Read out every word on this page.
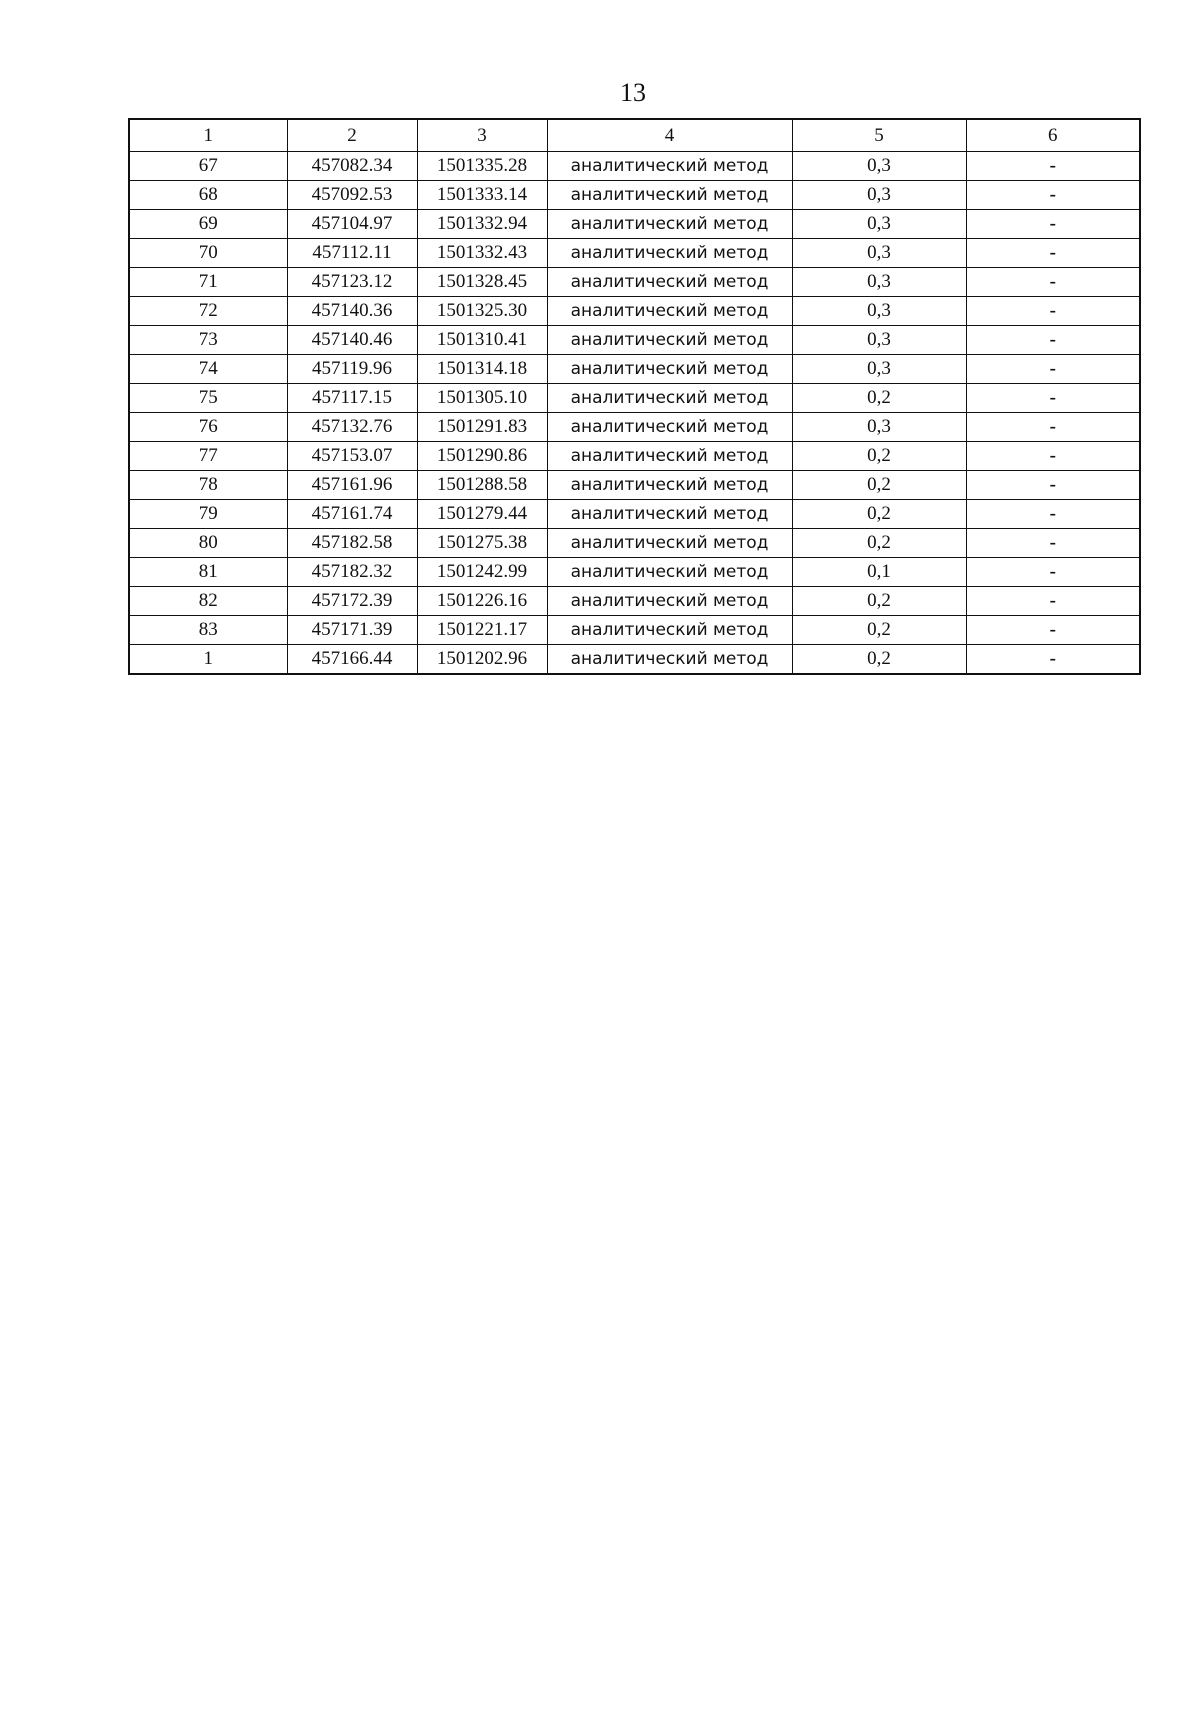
13
1	2	3	4	5	6
67	457082.34	1501335.28	аналитический метод	0,3	-
68	457092.53	1501333.14	аналитический метод	0,3	-
69	457104.97	1501332.94	аналитический метод	0,3	-
70	457112.11	1501332.43	аналитический метод	0,3	-
71	457123.12	1501328.45	аналитический метод	0,3	-
72	457140.36	1501325.30	аналитический метод	0,3	-
73	457140.46	1501310.41	аналитический метод	0,3	-
74	457119.96	1501314.18	аналитический метод	0,3	-
75	457117.15	1501305.10	аналитический метод	0,2	-
76	457132.76	1501291.83	аналитический метод	0,3	-
77	457153.07	1501290.86	аналитический метод	0,2	-
78	457161.96	1501288.58	аналитический метод	0,2	-
79	457161.74	1501279.44	аналитический метод	0,2	-
80	457182.58	1501275.38	аналитический метод	0,2	-
81	457182.32	1501242.99	аналитический метод	0,1	-
82	457172.39	1501226.16	аналитический метод	0,2	-
83	457171.39	1501221.17	аналитический метод	0,2	-
1	457166.44	1501202.96	аналитический метод	0,2	-
